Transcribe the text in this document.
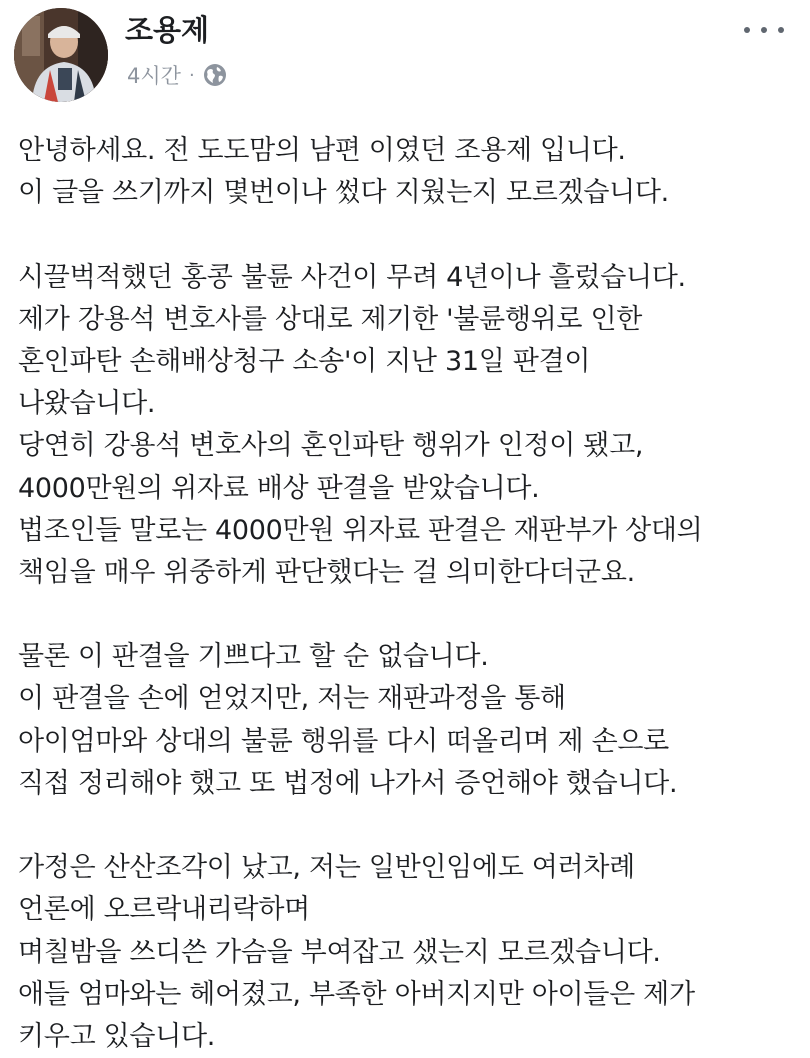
조용제
4시간 ·

안녕하세요. 전 도도맘의 남편 이였던 조용제 입니다.
이 글을 쓰기까지 몇번이나 썼다 지웠는지 모르겠습니다.

시끌벅적했던 홍콩 불륜 사건이 무려 4년이나 흘렀습니다.
제가 강용석 변호사를 상대로 제기한 '불륜행위로 인한
혼인파탄 손해배상청구 소송'이 지난 31일 판결이
나왔습니다.
당연히 강용석 변호사의 혼인파탄 행위가 인정이 됐고,
4000만원의 위자료 배상 판결을 받았습니다.
법조인들 말로는 4000만원 위자료 판결은 재판부가 상대의
책임을 매우 위중하게 판단했다는 걸 의미한다더군요.

물론 이 판결을 기쁘다고 할 순 없습니다.
이 판결을 손에 얻었지만, 저는 재판과정을 통해
아이엄마와 상대의 불륜 행위를 다시 떠올리며 제 손으로
직접 정리해야 했고 또 법정에 나가서 증언해야 했습니다.

가정은 산산조각이 났고, 저는 일반인임에도 여러차례
언론에 오르락내리락하며
며칠밤을 쓰디쓴 가슴을 부여잡고 샜는지 모르겠습니다.
애들 엄마와는 헤어졌고, 부족한 아버지지만 아이들은 제가
키우고 있습니다.
